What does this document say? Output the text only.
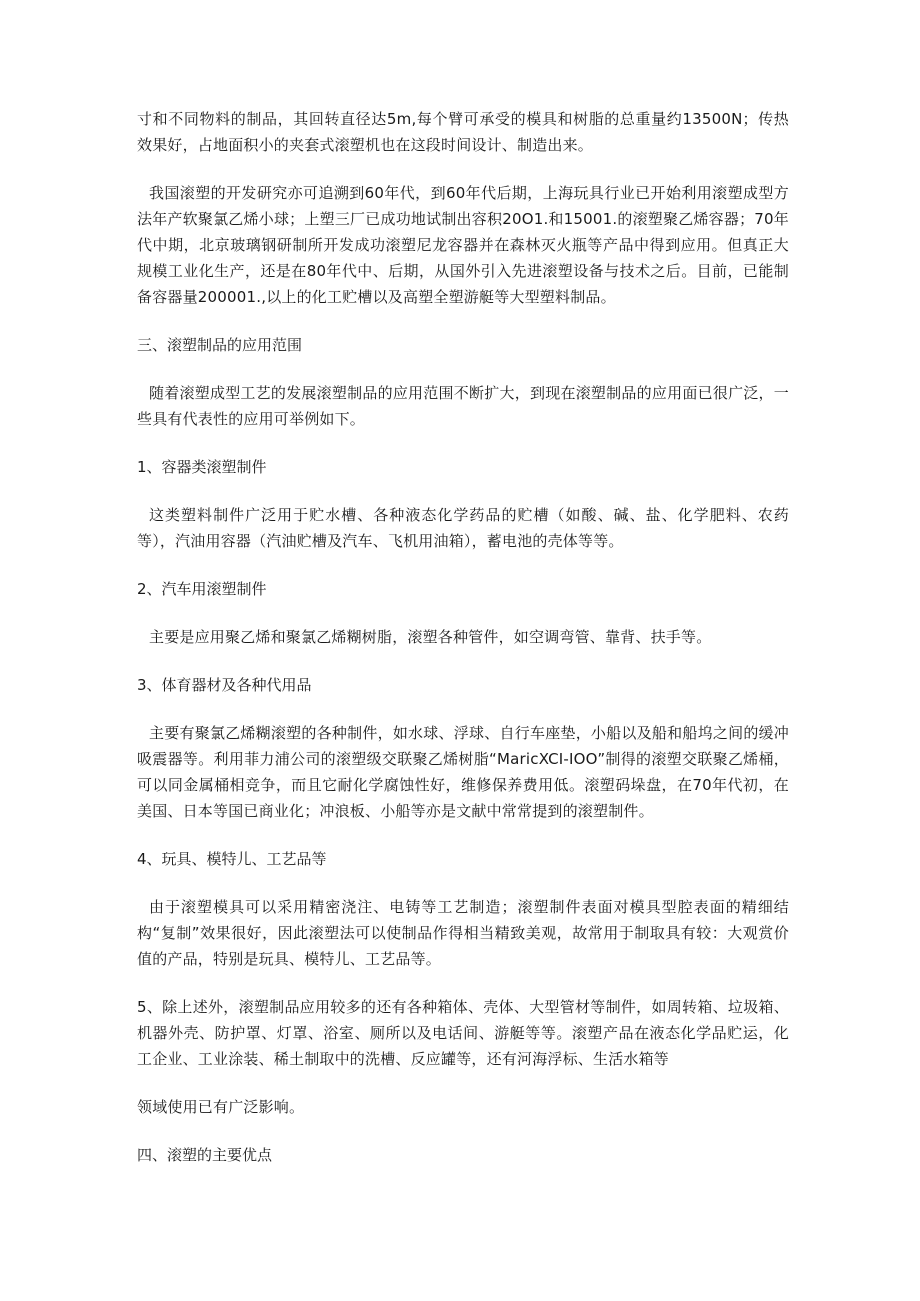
寸和不同物料的制品，其回转直径达5m,每个臂可承受的模具和树脂的总重量约13500N；传热效果好，占地面积小的夹套式滚塑机也在这段时间设计、制造出来。

我国滚塑的开发研究亦可追溯到60年代，到60年代后期，上海玩具行业已开始利用滚塑成型方法年产软聚氯乙烯小球；上塑三厂已成功地试制出容积20O1.和15001.的滚塑聚乙烯容器；70年代中期，北京玻璃钢研制所开发成功滚塑尼龙容器并在森林灭火瓶等产品中得到应用。但真正大规模工业化生产，还是在80年代中、后期，从国外引入先进滚塑设备与技术之后。目前，已能制备容器量200001.,以上的化工贮槽以及高塑全塑游艇等大型塑料制品。

三、滚塑制品的应用范围

随着滚塑成型工艺的发展滚塑制品的应用范围不断扩大，到现在滚塑制品的应用面已很广泛，一些具有代表性的应用可举例如下。

1、容器类滚塑制件

这类塑料制件广泛用于贮水槽、各种液态化学药品的贮槽（如酸、碱、盐、化学肥料、农药等），汽油用容器（汽油贮槽及汽车、飞机用油箱），蓄电池的壳体等等。

2、汽车用滚塑制件

主要是应用聚乙烯和聚氯乙烯糊树脂，滚塑各种管件，如空调弯管、靠背、扶手等。

3、体育器材及各种代用品

主要有聚氯乙烯糊滚塑的各种制件，如水球、浮球、自行车座垫，小船以及船和船坞之间的缓冲吸震器等。利用菲力浦公司的滚塑级交联聚乙烯树脂“MaricXCI-IOO”制得的滚塑交联聚乙烯桶，可以同金属桶相竞争，而且它耐化学腐蚀性好，维修保养费用低。滚塑码垛盘，在70年代初，在美国、日本等国已商业化；冲浪板、小船等亦是文献中常常提到的滚塑制件。

4、玩具、模特儿、工艺品等

由于滚塑模具可以采用精密浇注、电铸等工艺制造；滚塑制件表面对模具型腔表面的精细结构“复制”效果很好，因此滚塑法可以使制品作得相当精致美观，故常用于制取具有较：大观赏价值的产品，特别是玩具、模特儿、工艺品等。

5、除上述外，滚塑制品应用较多的还有各种箱体、壳体、大型管材等制件，如周转箱、垃圾箱、机器外壳、防护罩、灯罩、浴室、厕所以及电话间、游艇等等。滚塑产品在液态化学品贮运，化工企业、工业涂装、稀土制取中的洗槽、反应罐等，还有河海浮标、生活水箱等

领域使用已有广泛影响。

四、滚塑的主要优点
